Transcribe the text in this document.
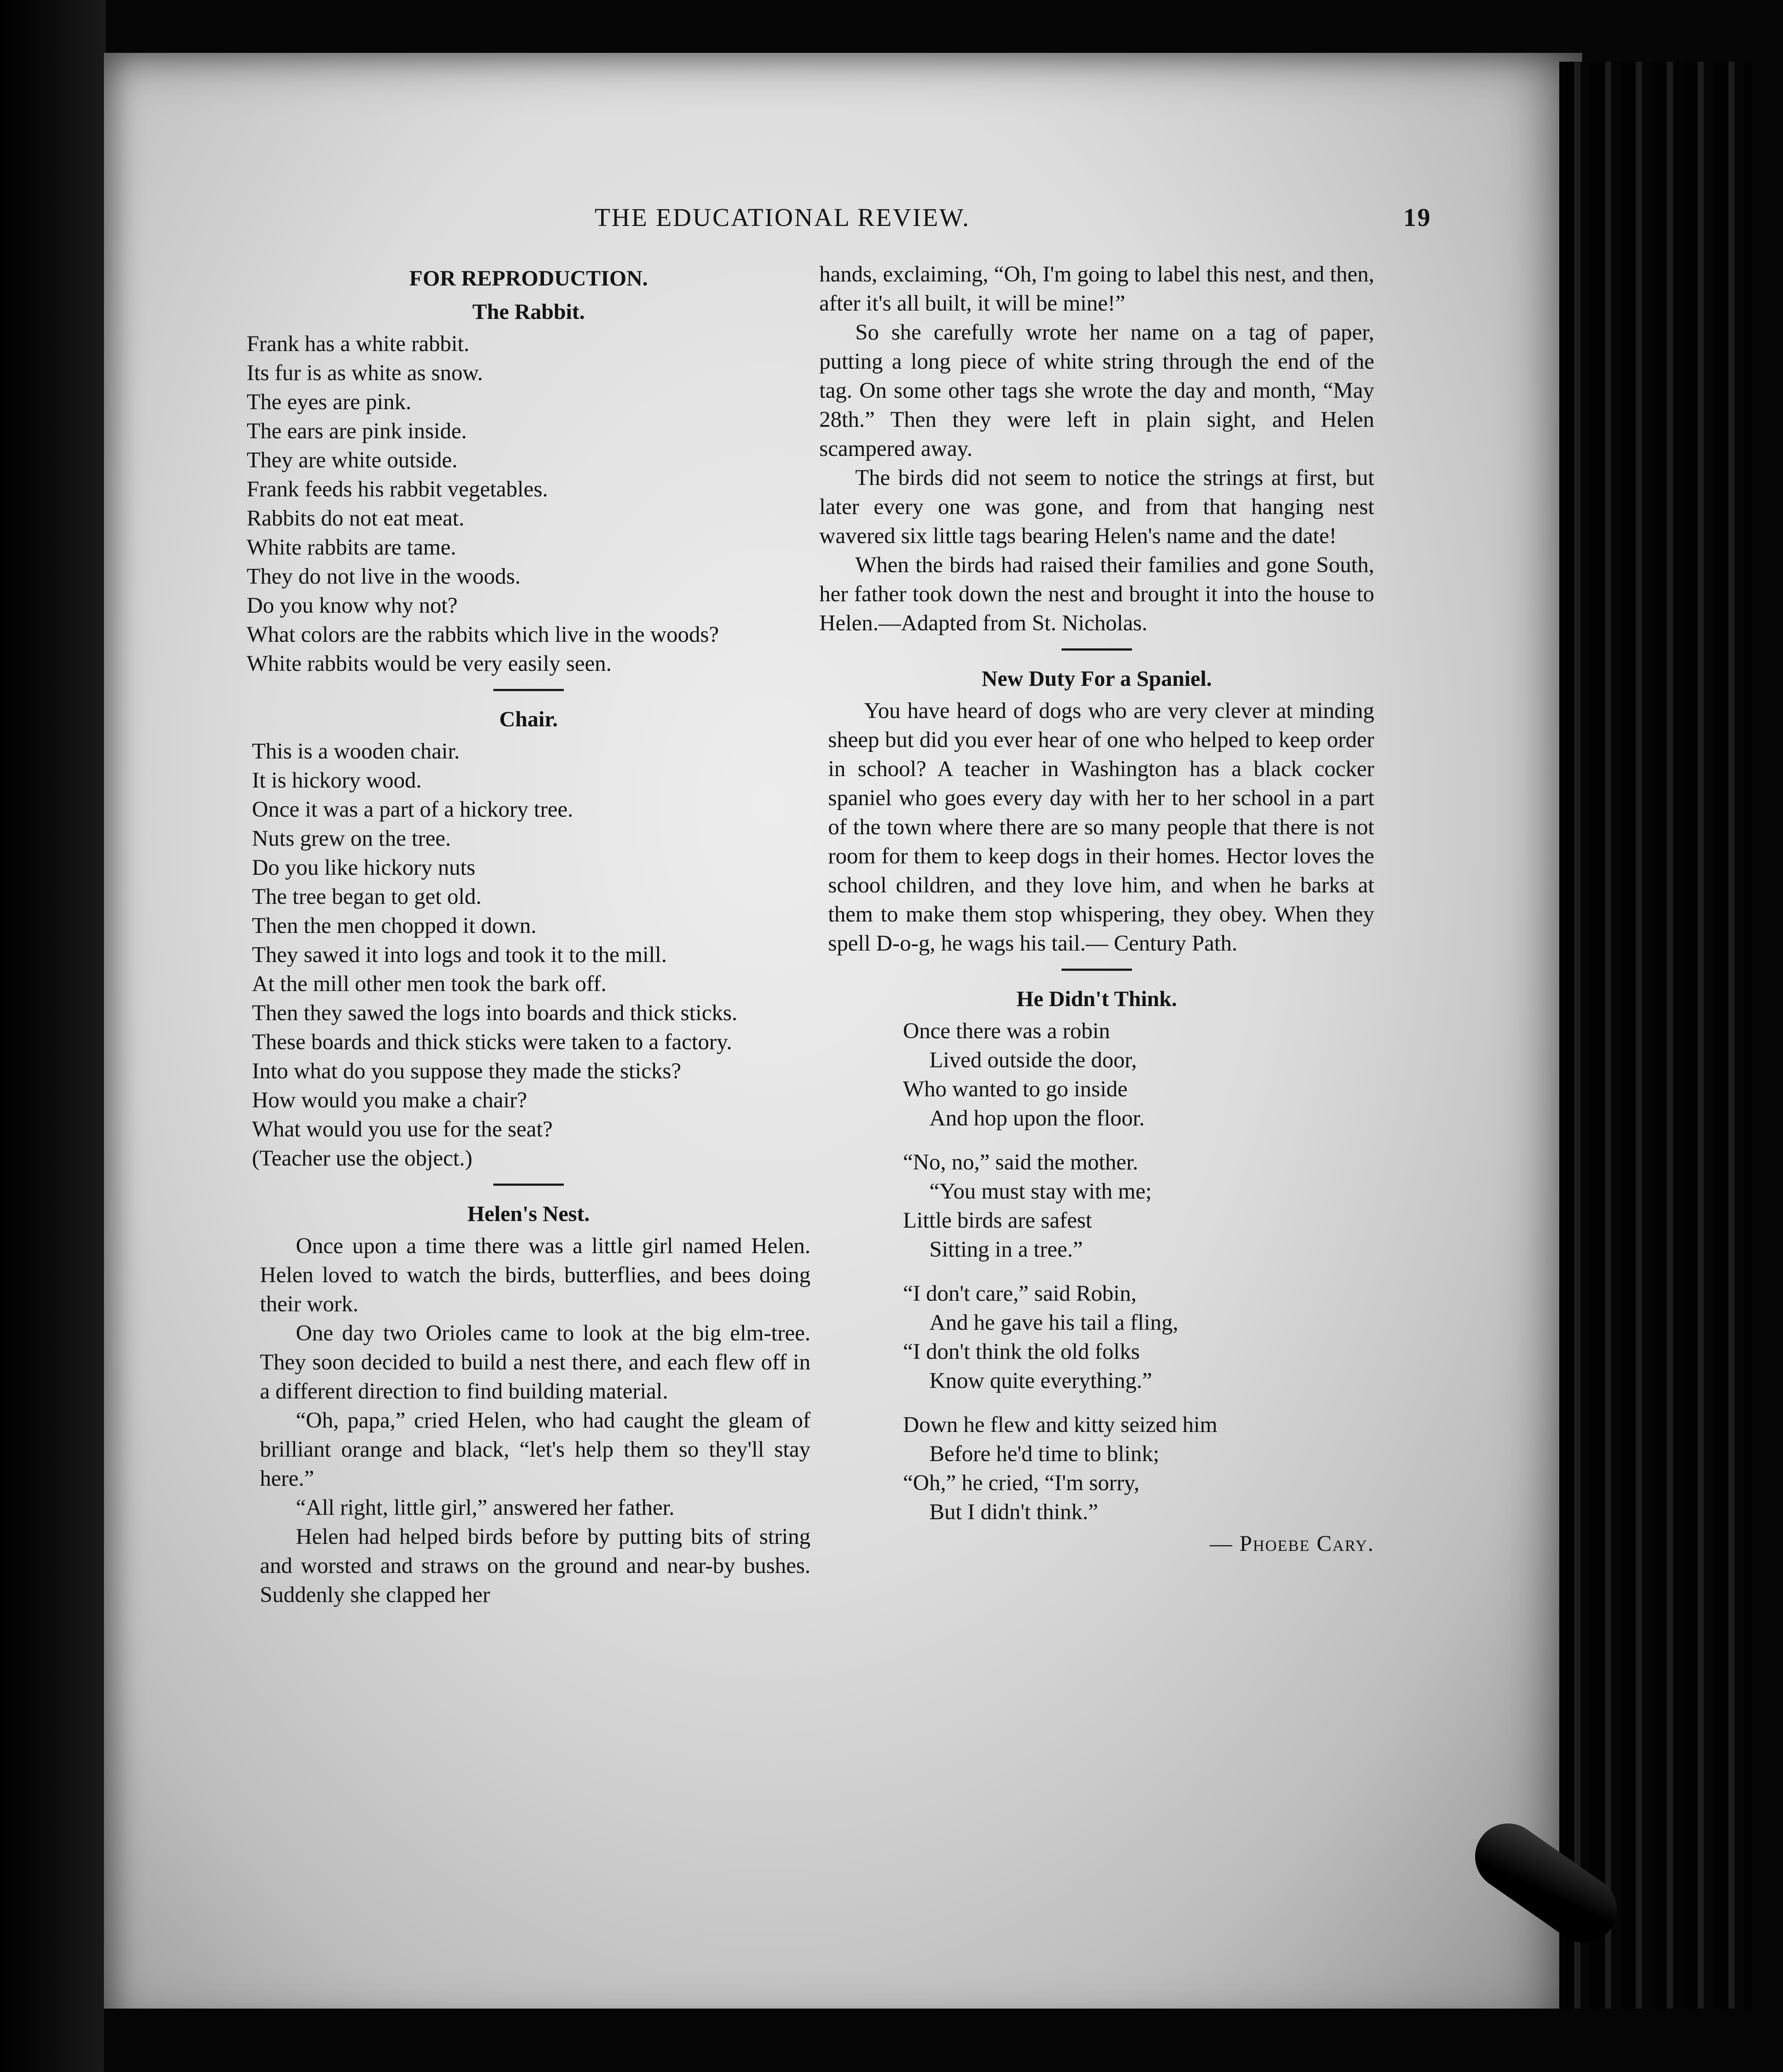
THE EDUCATIONAL REVIEW.	19
FOR REPRODUCTION.
The Rabbit.
Frank has a white rabbit.
Its fur is as white as snow.
The eyes are pink.
The ears are pink inside.
They are white outside.
Frank feeds his rabbit vegetables.
Rabbits do not eat meat.
White rabbits are tame.
They do not live in the woods.
Do you know why not?
What colors are the rabbits which live in the woods?
White rabbits would be very easily seen.
Chair.
This is a wooden chair.
It is hickory wood.
Once it was a part of a hickory tree.
Nuts grew on the tree.
Do you like hickory nuts
The tree began to get old.
Then the men chopped it down.
They sawed it into logs and took it to the mill.
At the mill other men took the bark off.
Then they sawed the logs into boards and thick sticks.
These boards and thick sticks were taken to a factory.
Into what do you suppose they made the sticks?
How would you make a chair?
What would you use for the seat?
(Teacher use the object.)
Helen's Nest.

Once upon a time there was a little girl named Helen. Helen loved to watch the birds, butterflies, and bees doing their work.

One day two Orioles came to look at the big elm-tree. They soon decided to build a nest there, and each flew off in a different direction to find building material.

“Oh, papa,” cried Helen, who had caught the gleam of brilliant orange and black, “let's help them so they'll stay here.”

“All right, little girl,” answered her father.

Helen had helped birds before by putting bits of string and worsted and straws on the ground and near-by bushes. Suddenly she clapped her

hands, exclaiming, “Oh, I'm going to label this nest, and then, after it's all built, it will be mine!”

So she carefully wrote her name on a tag of paper, putting a long piece of white string through the end of the tag. On some other tags she wrote the day and month, “May 28th.” Then they were left in plain sight, and Helen scampered away.

The birds did not seem to notice the strings at first, but later every one was gone, and from that hanging nest wavered six little tags bearing Helen's name and the date!

When the birds had raised their families and gone South, her father took down the nest and brought it into the house to Helen.—Adapted from St. Nicholas.

New Duty For a Spaniel.

You have heard of dogs who are very clever at minding sheep but did you ever hear of one who helped to keep order in school? A teacher in Washington has a black cocker spaniel who goes every day with her to her school in a part of the town where there are so many people that there is not room for them to keep dogs in their homes. Hector loves the school children, and they love him, and when he barks at them to make them stop whispering, they obey. When they spell D-o-g, he wags his tail.— Century Path.

He Didn't Think.
Once there was a robin
Lived outside the door,
Who wanted to go inside
And hop upon the floor.
“No, no,” said the mother.
“You must stay with me;
Little birds are safest
Sitting in a tree.”
“I don't care,” said Robin,
And he gave his tail a fling,
“I don't think the old folks
Know quite everything.”
Down he flew and kitty seized him
Before he'd time to blink;
“Oh,” he cried, “I'm sorry,
But I didn't think.”
— Phoebe Cary.
